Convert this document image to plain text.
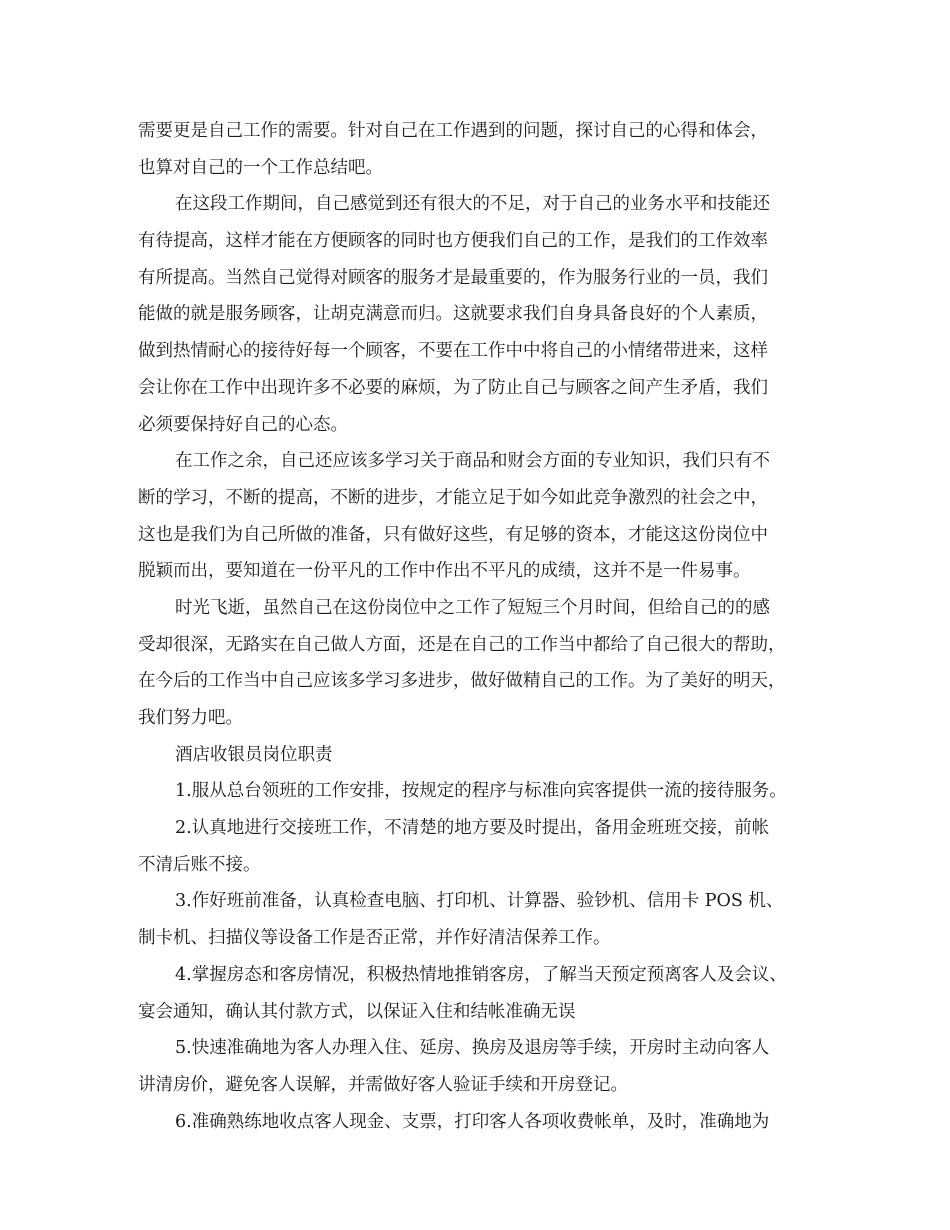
需要更是自己工作的需要。针对自己在工作遇到的问题，探讨自己的心得和体会，
也算对自己的一个工作总结吧。
在这段工作期间，自己感觉到还有很大的不足，对于自己的业务水平和技能还
有待提高，这样才能在方便顾客的同时也方便我们自己的工作，是我们的工作效率
有所提高。当然自己觉得对顾客的服务才是最重要的，作为服务行业的一员，我们
能做的就是服务顾客，让胡克满意而归。这就要求我们自身具备良好的个人素质，
做到热情耐心的接待好每一个顾客，不要在工作中中将自己的小情绪带进来，这样
会让你在工作中出现许多不必要的麻烦，为了防止自己与顾客之间产生矛盾，我们
必须要保持好自己的心态。
在工作之余，自己还应该多学习关于商品和财会方面的专业知识，我们只有不
断的学习，不断的提高，不断的进步，才能立足于如今如此竞争激烈的社会之中，
这也是我们为自己所做的准备，只有做好这些，有足够的资本，才能这这份岗位中
脱颖而出，要知道在一份平凡的工作中作出不平凡的成绩，这并不是一件易事。
时光飞逝，虽然自己在这份岗位中之工作了短短三个月时间，但给自己的的感
受却很深，无路实在自己做人方面，还是在自己的工作当中都给了自己很大的帮助，
在今后的工作当中自己应该多学习多进步，做好做精自己的工作。为了美好的明天，
我们努力吧。
酒店收银员岗位职责
1.服从总台领班的工作安排，按规定的程序与标准向宾客提供一流的接待服务。
2.认真地进行交接班工作，不清楚的地方要及时提出，备用金班班交接，前帐
不清后账不接。
3.作好班前准备，认真检查电脑、打印机、计算器、验钞机、信用卡 POS 机、
制卡机、扫描仪等设备工作是否正常，并作好清洁保养工作。
4.掌握房态和客房情况，积极热情地推销客房，了解当天预定预离客人及会议、
宴会通知，确认其付款方式，以保证入住和结帐准确无误
5.快速准确地为客人办理入住、延房、换房及退房等手续，开房时主动向客人
讲清房价，避免客人误解，并需做好客人验证手续和开房登记。
6.准确熟练地收点客人现金、支票，打印客人各项收费帐单，及时，准确地为
